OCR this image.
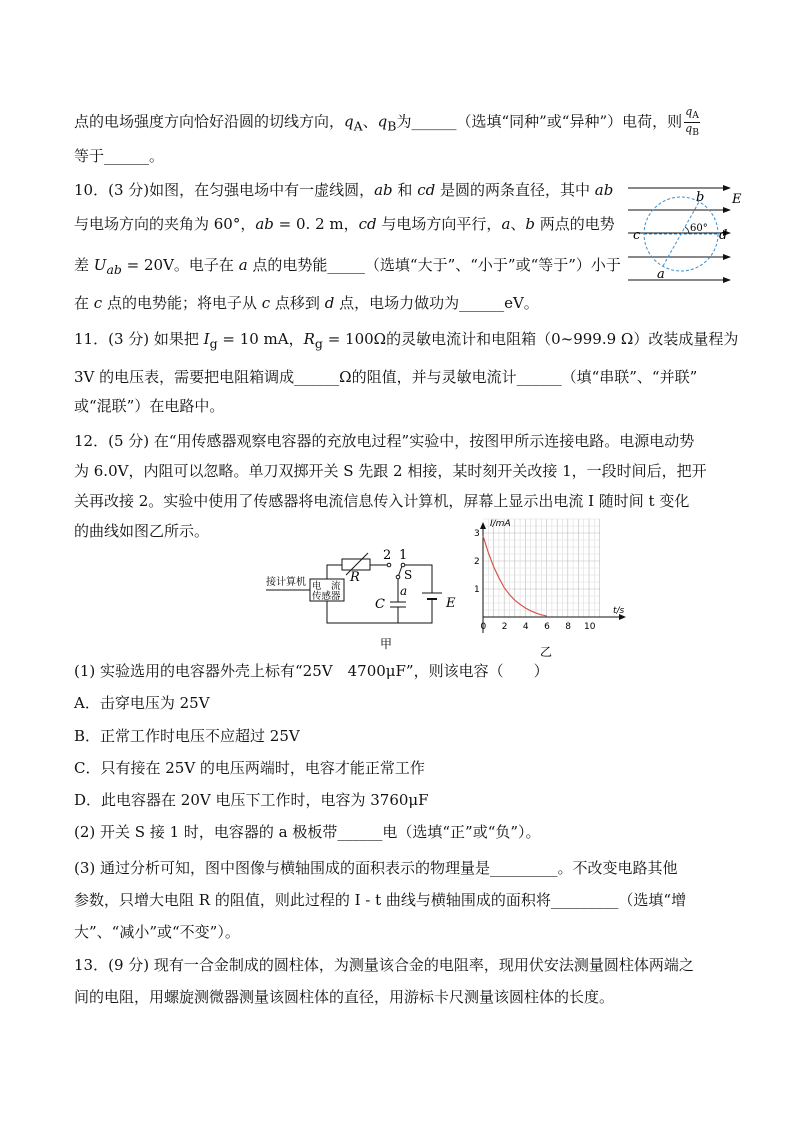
点的电场强度方向恰好沿圆的切线方向，$q_A$、$q_B$为______（选填“同种”或“异种”）电荷，则 $\frac{q_A}{q_B}$
等于______。
10．(3 分)如图，在匀强电场中有一虚线圆，ab 和 cd 是圆的两条直径，其中 ab
与电场方向的夹角为 60°，ab = 0. 2 m，cd 与电场方向平行，a、b 两点的电势
差 $U_{ab} = 20V$。电子在 a 点的电势能_____（选填“大于”、“小于”或“等于”）小于
在 c 点的电势能；将电子从 c 点移到 d 点，电场力做功为______eV。
E
b
c	d
a
60°
11．(3 分) 如果把 $I_g = 10$ mA，$R_g = 100\Omega$的灵敏电流计和电阻箱（0~999.9 Ω）改装成量程为
3V 的电压表，需要把电阻箱调成______Ω的阻值，并与灵敏电流计______（填“串联”、“并联”
或“混联”）在电路中。
12．(5 分) 在“用传感器观察电容器的充放电过程”实验中，按图甲所示连接电路。电源电动势
为 6.0V，内阻可以忽略。单刀双掷开关 S 先跟 2 相接，某时刻开关改接 1，一段时间后，把开
关再改接 2。实验中使用了传感器将电流信息传入计算机，屏幕上显示出电流 I 随时间 t 变化
的曲线如图乙所示。
接计算机 电　流
传感器
R
2 1
S
C
a
E
甲
3
2
1
0 2 4 6 8 10
I/mA
t/s
乙
(1) 实验选用的电容器外壳上标有“25V　4700μF”，则该电容（　　）
A．击穿电压为 25V
B．正常工作时电压不应超过 25V
C．只有接在 25V 的电压两端时，电容才能正常工作
D．此电容器在 20V 电压下工作时，电容为 3760μF
(2) 开关 S 接 1 时，电容器的 a 极板带______电（选填“正”或“负”）。
(3) 通过分析可知，图中图像与横轴围成的面积表示的物理量是_________。不改变电路其他
参数，只增大电阻 R 的阻值，则此过程的 I - t 曲线与横轴围成的面积将_________（选填“增
大”、“减小”或“不变”）。
13．(9 分) 现有一合金制成的圆柱体，为测量该合金的电阻率，现用伏安法测量圆柱体两端之
间的电阻，用螺旋测微器测量该圆柱体的直径，用游标卡尺测量该圆柱体的长度。
